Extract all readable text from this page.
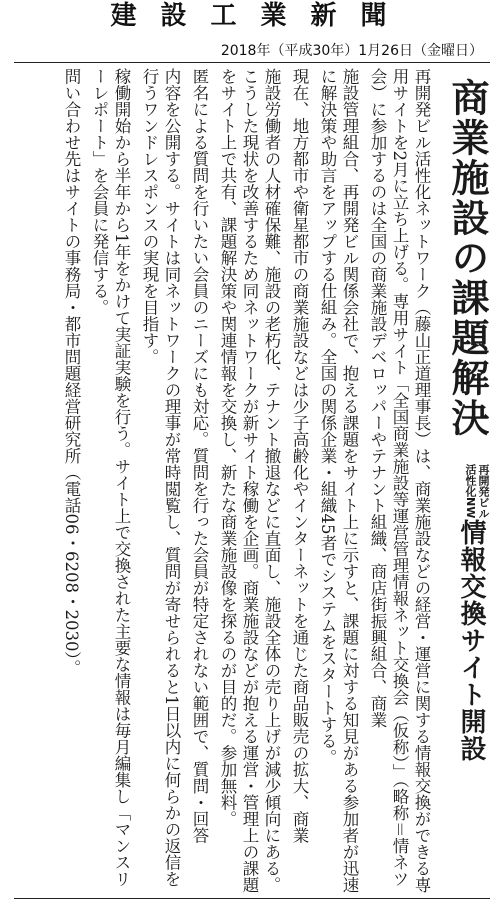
建設工業新聞
2018年（平成30年）1月26日（金曜日）
商業施設の課題解決
再開発ビル
活性化NW
情報交換サイト開設

再開発ビル活性化ネットワーク（藤山正道理事長）は、商業施設などの経営・運営に関する情報交換ができる専用サイトを2月に立ち上げる。専用サイト「全国商業施設等運営管理情報ネット交換会（仮称）」（略称＝情ネツ会）に参加するのは全国の商業施設デベロッパーやテナント組織、商店街振興組合、商業

施設管理組合、再開発ビル関係会社で、抱える課題をサイト上に示すと、課題に対する知見がある参加者が迅速に解決策や助言をアップする仕組み。全国の関係企業・組織45者でシステムをスタートする。

現在、地方都市や衛星都市の商業施設などは少子高齢化やインターネットを通じた商品販売の拡大、商業

施設労働者の人材確保難、施設の老朽化、テナント撤退などに直面し、施設全体の売り上げが減少傾向にある。こうした現状を改善するため同ネットワークが新サイト稼働を企画。商業施設などが抱える運営・管理上の課題をサイト上で共有、課題解決策や関連情報を交換し、新たな商業施設像を探るのが目的だ。参加無料。

匿名による質問を行いたい会員のニーズにも対応。質問を行った会員が特定されない範囲で、質問・回答

内容を公開する。サイトは同ネットワークの理事が常時閲覧し、質問が寄せられると1日以内に何らかの返信を行うワンドレスポンスの実現を目指す。

稼働開始から半年から1年をかけて実証実験を行う。サイト上で交換された主要な情報は毎月編集し「マンスリーレポート」を会員に発信する。

問い合わせ先はサイトの事務局・都市問題経営研究所（電話06・6208・2030）。
